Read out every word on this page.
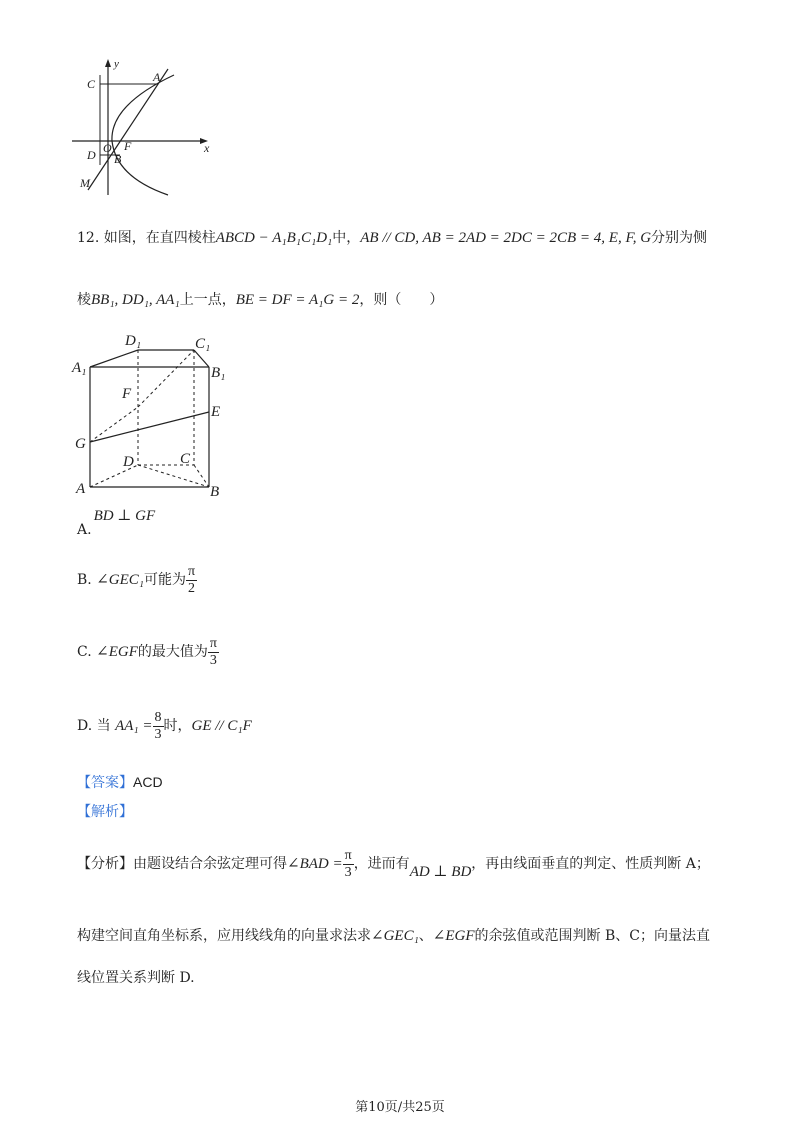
y
x
C	A
D O F
B
M
12. 如图，在直四棱柱ABCD − A₁B₁C₁D₁中，AB // CD, AB = 2AD = 2DC = 2CB = 4, E, F, G分别为侧
棱BB₁, DD₁, AA₁上一点，BE = DF = A₁G = 2，则（　　）
D₁	C₁
A₁	B₁
F
E
G
D	C
A	B
A.BD ⊥ GF
B. ∠GEC₁可能为 $\frac{\pi}{2}$
C. ∠EGF的最大值为 $\frac{\pi}{3}$
D. 当 $AA_1 = \frac{8}{3}$ 时，GE // C₁F
【答案】ACD
【解析】
【分析】由题设结合余弦定理可得∠BAD = $\frac{\pi}{3}$ ，进而有AD ⊥ BD，再由线面垂直的判定、性质判断 A；
构建空间直角坐标系，应用线线角的向量求法求∠GEC₁、∠EGF的余弦值或范围判断 B、C；向量法直
线位置关系判断 D.
第10页/共25页
